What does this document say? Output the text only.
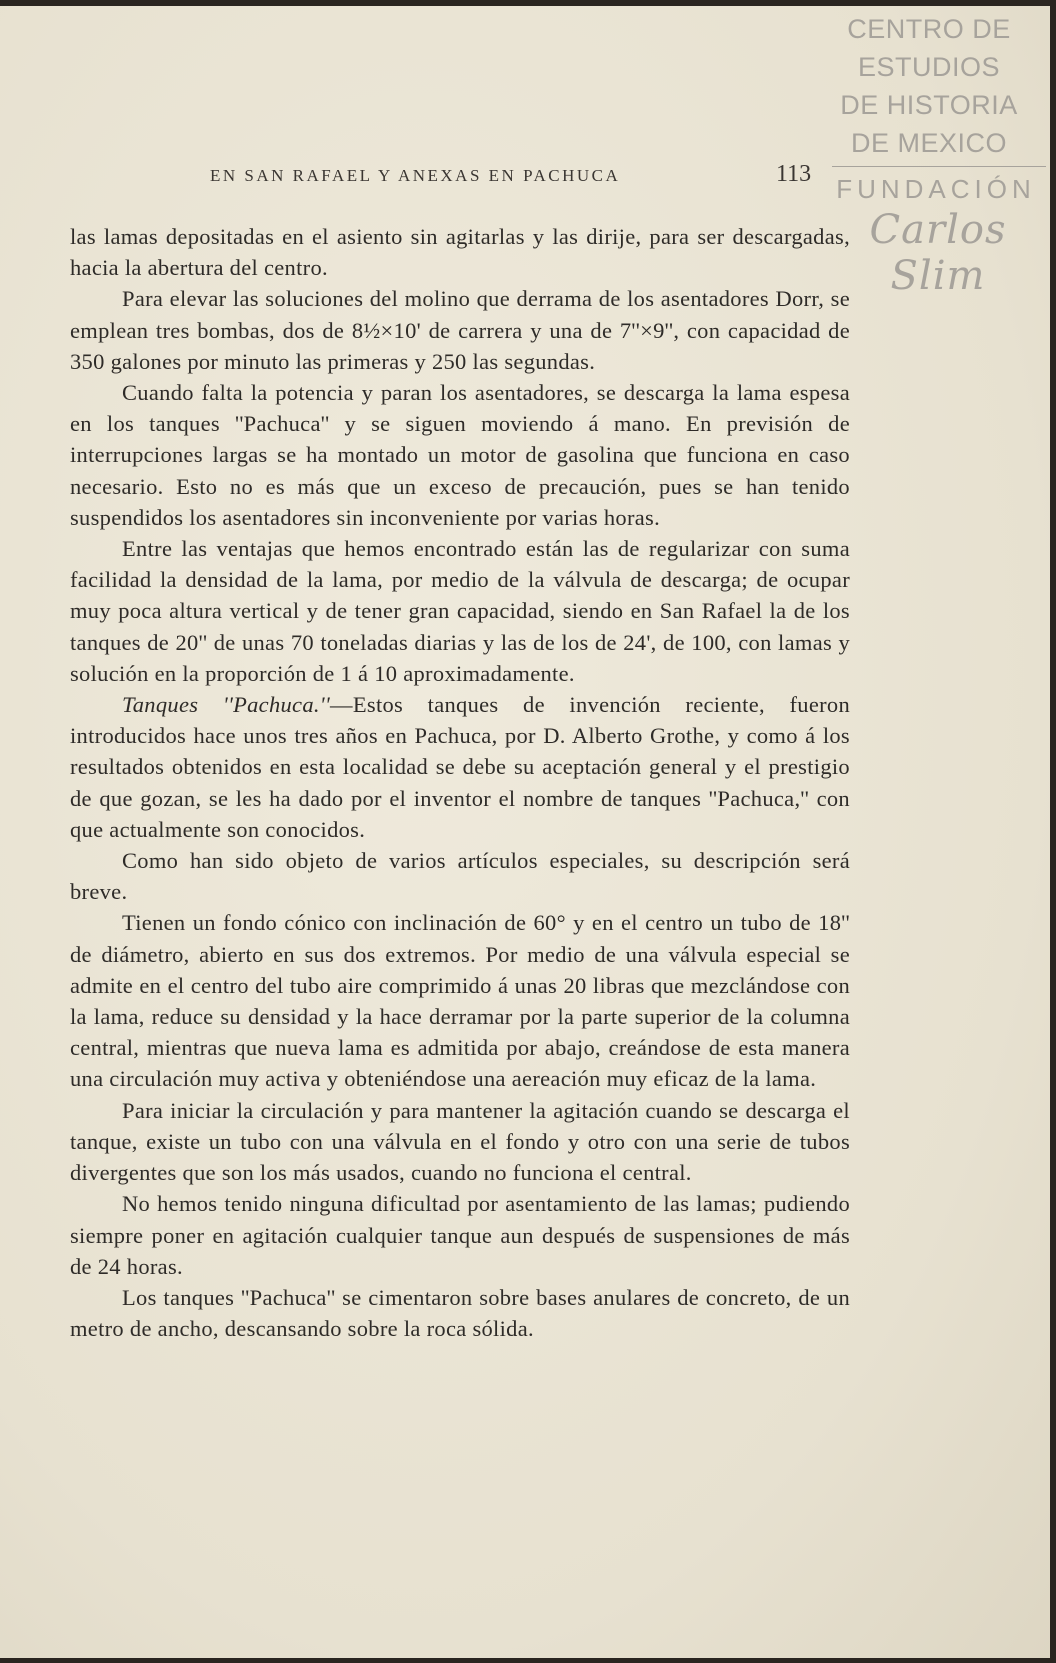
CENTRO DE
ESTUDIOS
DE HISTORIA
DE MEXICO
FUNDACIÓN
Carlos Slim
EN SAN RAFAEL Y ANEXAS EN PACHUCA	113

las lamas depositadas en el asiento sin agitarlas y las dirije, para ser descargadas, hacia la abertura del centro.

Para elevar las soluciones del molino que derrama de los asentadores Dorr, se emplean tres bombas, dos de 8½×10' de carrera y una de 7''×9'', con capacidad de 350 galones por minuto las primeras y 250 las segundas.

Cuando falta la potencia y paran los asentadores, se descarga la lama espesa en los tanques ''Pachuca'' y se siguen moviendo á mano. En previsión de interrupciones largas se ha montado un motor de gasolina que funciona en caso necesario. Esto no es más que un exceso de precaución, pues se han tenido suspendidos los asentadores sin inconveniente por varias horas.

Entre las ventajas que hemos encontrado están las de regularizar con suma facilidad la densidad de la lama, por medio de la válvula de descarga; de ocupar muy poca altura vertical y de tener gran capacidad, siendo en San Rafael la de los tanques de 20'' de unas 70 toneladas diarias y las de los de 24', de 100, con lamas y solución en la proporción de 1 á 10 aproximadamente.

Tanques ''Pachuca.''—Estos tanques de invención reciente, fueron introducidos hace unos tres años en Pachuca, por D. Alberto Grothe, y como á los resultados obtenidos en esta localidad se debe su aceptación general y el prestigio de que gozan, se les ha dado por el inventor el nombre de tanques ''Pachuca,'' con que actualmente son conocidos.

Como han sido objeto de varios artículos especiales, su descripción será breve.

Tienen un fondo cónico con inclinación de 60° y en el centro un tubo de 18'' de diámetro, abierto en sus dos extremos. Por medio de una válvula especial se admite en el centro del tubo aire comprimido á unas 20 libras que mezclándose con la lama, reduce su densidad y la hace derramar por la parte superior de la columna central, mientras que nueva lama es admitida por abajo, creándose de esta manera una circulación muy activa y obteniéndose una aereación muy eficaz de la lama.

Para iniciar la circulación y para mantener la agitación cuando se descarga el tanque, existe un tubo con una válvula en el fondo y otro con una serie de tubos divergentes que son los más usados, cuando no funciona el central.

No hemos tenido ninguna dificultad por asentamiento de las lamas; pudiendo siempre poner en agitación cualquier tanque aun después de suspensiones de más de 24 horas.

Los tanques ''Pachuca'' se cimentaron sobre bases anulares de concreto, de un metro de ancho, descansando sobre la roca sólida.
